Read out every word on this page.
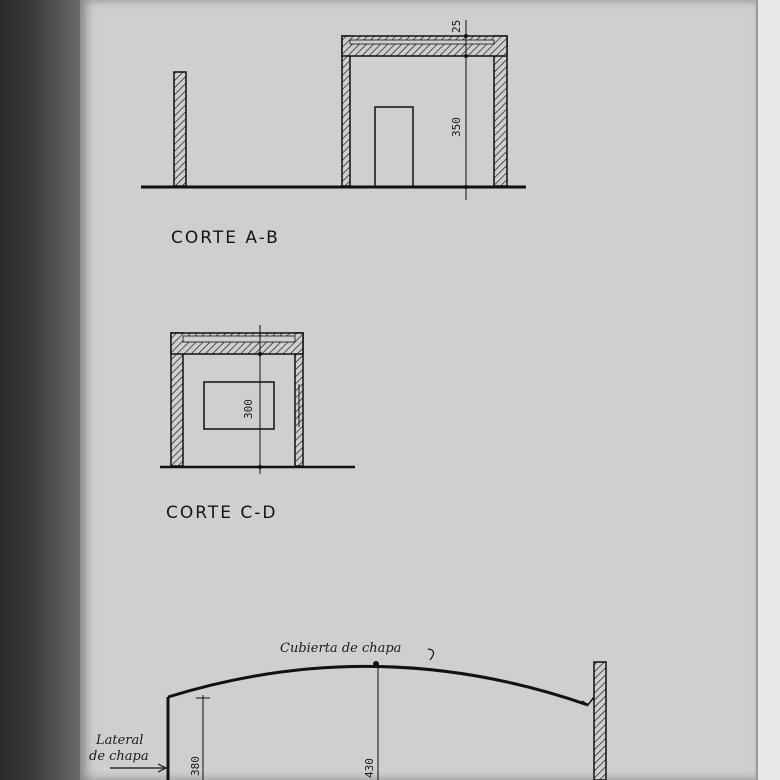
25
350
CORTE A-B
300
CORTE C-D
380	430
Cubierta de chapa
Lateral
de chapa
